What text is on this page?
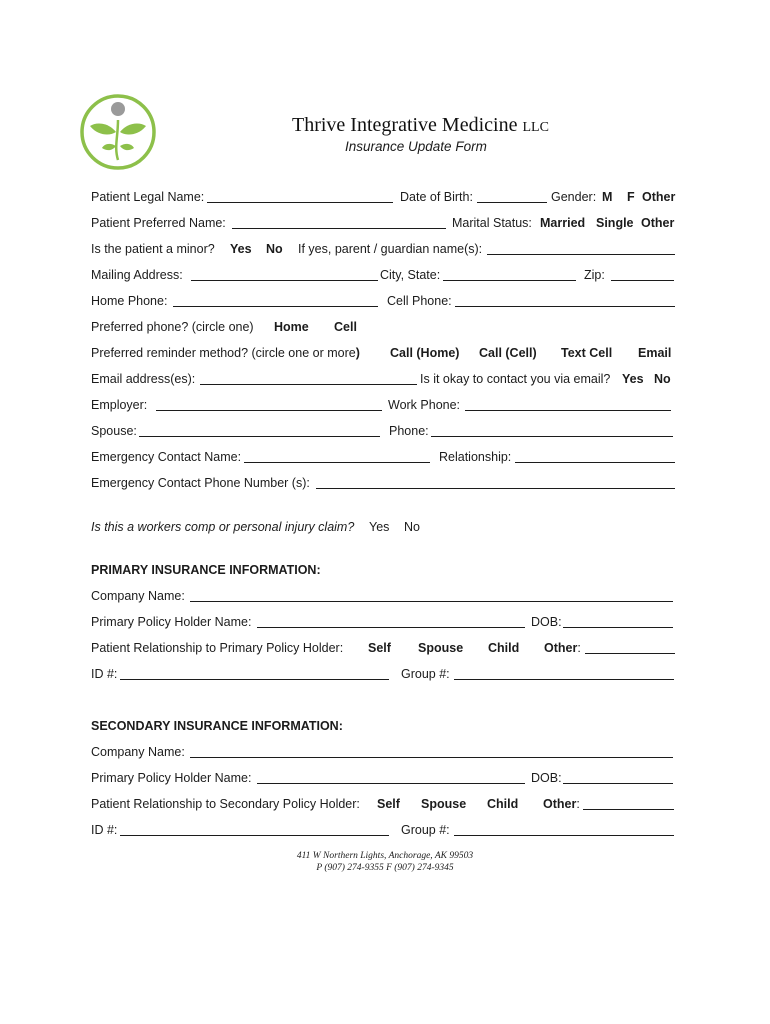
Thrive Integrative Medicine LLC
Insurance Update Form
Patient Legal Name:	Date of Birth:	Gender: M F Other
Patient Preferred Name:	Marital Status: Married Single Other
Is the patient a minor? Yes No If yes, parent / guardian name(s):
Mailing Address:	City, State:	Zip:
Home Phone:	Cell Phone:
Preferred phone? (circle one) Home Cell
Preferred reminder method? (circle one or more) Call (Home) Call (Cell) Text Cell Email
Email address(es):	Is it okay to contact you via email? Yes No
Employer:	Work Phone:
Spouse:	Phone:
Emergency Contact Name:	Relationship:
Emergency Contact Phone Number (s):
Is this a workers comp or personal injury claim? Yes No
PRIMARY INSURANCE INFORMATION:
Company Name:
Primary Policy Holder Name:	DOB:
Patient Relationship to Primary Policy Holder: Self Spouse Child Other:
ID #:	Group #:
SECONDARY INSURANCE INFORMATION:
Company Name:
Primary Policy Holder Name:	DOB:
Patient Relationship to Secondary Policy Holder: Self Spouse Child Other:
ID #:	Group #:
411 W Northern Lights, Anchorage, AK 99503
P (907) 274-9355 F (907) 274-9345
